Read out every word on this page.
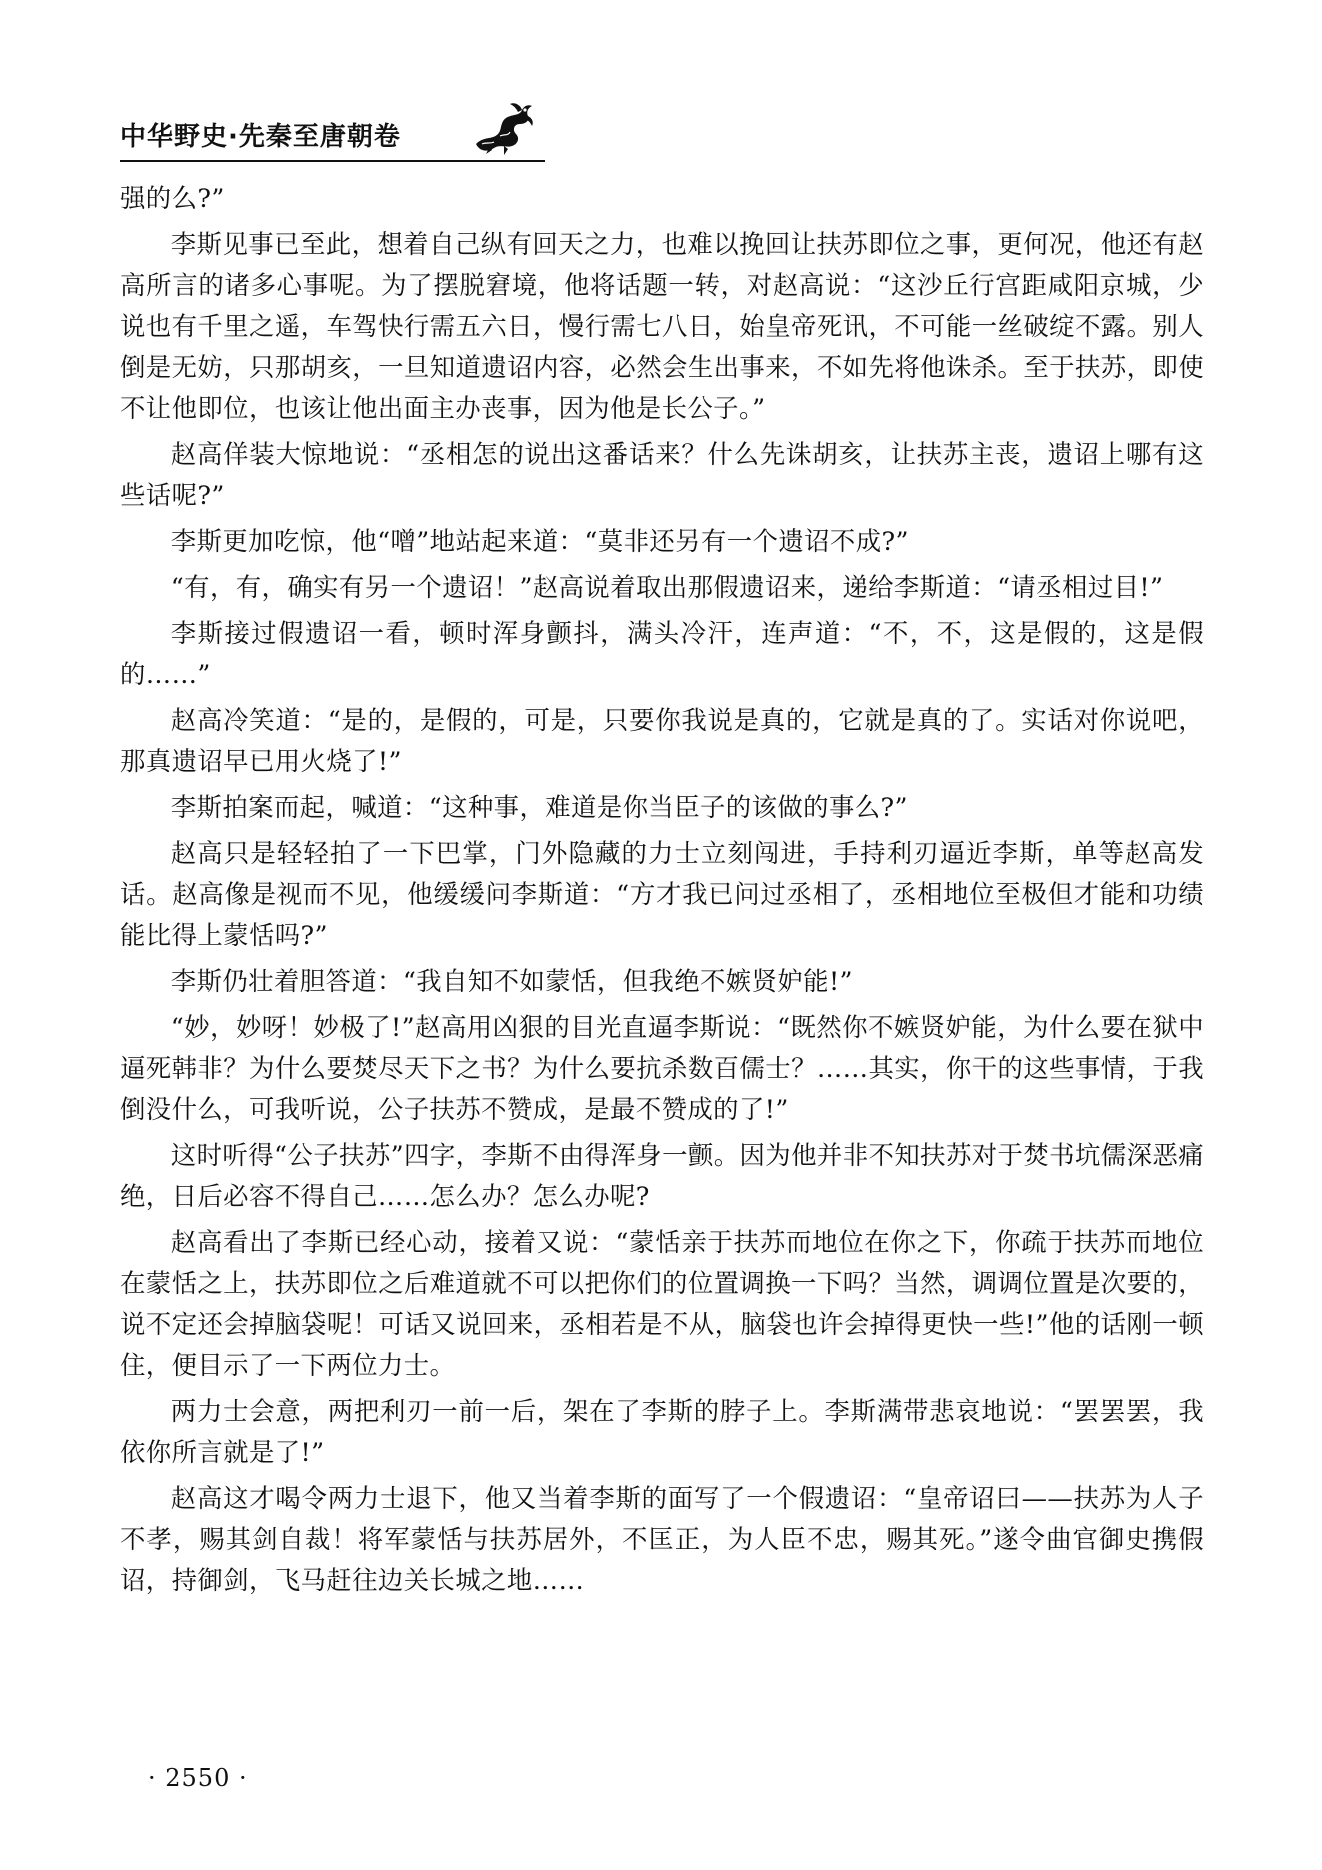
中华野史·先秦至唐朝卷

强的么?”

李斯见事已至此，想着自己纵有回天之力，也难以挽回让扶苏即位之事，更何况，他还有赵高所言的诸多心事呢。为了摆脱窘境，他将话题一转，对赵高说：“这沙丘行宫距咸阳京城，少说也有千里之遥，车驾快行需五六日，慢行需七八日，始皇帝死讯，不可能一丝破绽不露。别人倒是无妨，只那胡亥，一旦知道遗诏内容，必然会生出事来，不如先将他诛杀。至于扶苏，即使不让他即位，也该让他出面主办丧事，因为他是长公子。”

赵高佯装大惊地说：“丞相怎的说出这番话来？什么先诛胡亥，让扶苏主丧，遗诏上哪有这些话呢?”

李斯更加吃惊，他“噌”地站起来道：“莫非还另有一个遗诏不成?”

“有，有，确实有另一个遗诏！”赵高说着取出那假遗诏来，递给李斯道：“请丞相过目!”

李斯接过假遗诏一看，顿时浑身颤抖，满头冷汗，连声道：“不，不，这是假的，这是假的……”

赵高冷笑道：“是的，是假的，可是，只要你我说是真的，它就是真的了。实话对你说吧，那真遗诏早已用火烧了!”

李斯拍案而起，喊道：“这种事，难道是你当臣子的该做的事么?”

赵高只是轻轻拍了一下巴掌，门外隐藏的力士立刻闯进，手持利刃逼近李斯，单等赵高发话。赵高像是视而不见，他缓缓问李斯道：“方才我已问过丞相了，丞相地位至极但才能和功绩能比得上蒙恬吗?”

李斯仍壮着胆答道：“我自知不如蒙恬，但我绝不嫉贤妒能!”

“妙，妙呀！妙极了!”赵高用凶狠的目光直逼李斯说：“既然你不嫉贤妒能，为什么要在狱中逼死韩非？为什么要焚尽天下之书？为什么要抗杀数百儒士？……其实，你干的这些事情，于我倒没什么，可我听说，公子扶苏不赞成，是最不赞成的了!”

这时听得“公子扶苏”四字，李斯不由得浑身一颤。因为他并非不知扶苏对于焚书坑儒深恶痛绝，日后必容不得自己……怎么办？怎么办呢?

赵高看出了李斯已经心动，接着又说：“蒙恬亲于扶苏而地位在你之下，你疏于扶苏而地位在蒙恬之上，扶苏即位之后难道就不可以把你们的位置调换一下吗？当然，调调位置是次要的，说不定还会掉脑袋呢！可话又说回来，丞相若是不从，脑袋也许会掉得更快一些!”他的话刚一顿住，便目示了一下两位力士。

两力士会意，两把利刃一前一后，架在了李斯的脖子上。李斯满带悲哀地说：“罢罢罢，我依你所言就是了!”

赵高这才喝令两力士退下，他又当着李斯的面写了一个假遗诏：“皇帝诏曰——扶苏为人子不孝，赐其剑自裁！将军蒙恬与扶苏居外，不匡正，为人臣不忠，赐其死。”遂令曲官御史携假诏，持御剑，飞马赶往边关长城之地……

· 2550 ·
